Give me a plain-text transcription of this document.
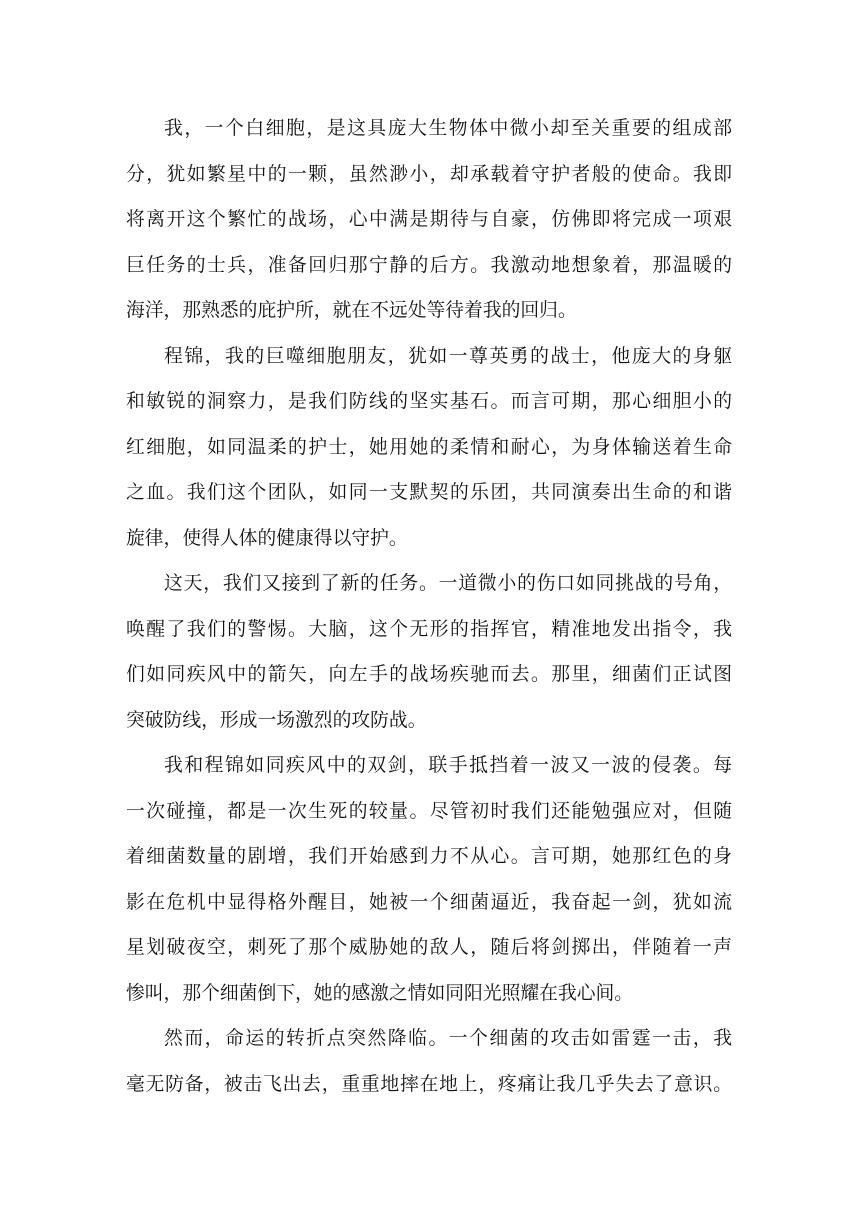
我，一个白细胞，是这具庞大生物体中微小却至关重要的组成部
分，犹如繁星中的一颗，虽然渺小，却承载着守护者般的使命。我即
将离开这个繁忙的战场，心中满是期待与自豪，仿佛即将完成一项艰
巨任务的士兵，准备回归那宁静的后方。我激动地想象着，那温暖的
海洋，那熟悉的庇护所，就在不远处等待着我的回归。

程锦，我的巨噬细胞朋友，犹如一尊英勇的战士，他庞大的身躯
和敏锐的洞察力，是我们防线的坚实基石。而言可期，那心细胆小的
红细胞，如同温柔的护士，她用她的柔情和耐心，为身体输送着生命
之血。我们这个团队，如同一支默契的乐团，共同演奏出生命的和谐
旋律，使得人体的健康得以守护。

这天，我们又接到了新的任务。一道微小的伤口如同挑战的号角，
唤醒了我们的警惕。大脑，这个无形的指挥官，精准地发出指令，我
们如同疾风中的箭矢，向左手的战场疾驰而去。那里，细菌们正试图
突破防线，形成一场激烈的攻防战。

我和程锦如同疾风中的双剑，联手抵挡着一波又一波的侵袭。每
一次碰撞，都是一次生死的较量。尽管初时我们还能勉强应对，但随
着细菌数量的剧增，我们开始感到力不从心。言可期，她那红色的身
影在危机中显得格外醒目，她被一个细菌逼近，我奋起一剑，犹如流
星划破夜空，刺死了那个威胁她的敌人，随后将剑掷出，伴随着一声
惨叫，那个细菌倒下，她的感激之情如同阳光照耀在我心间。

然而，命运的转折点突然降临。一个细菌的攻击如雷霆一击，我
毫无防备，被击飞出去，重重地摔在地上，疼痛让我几乎失去了意识。
